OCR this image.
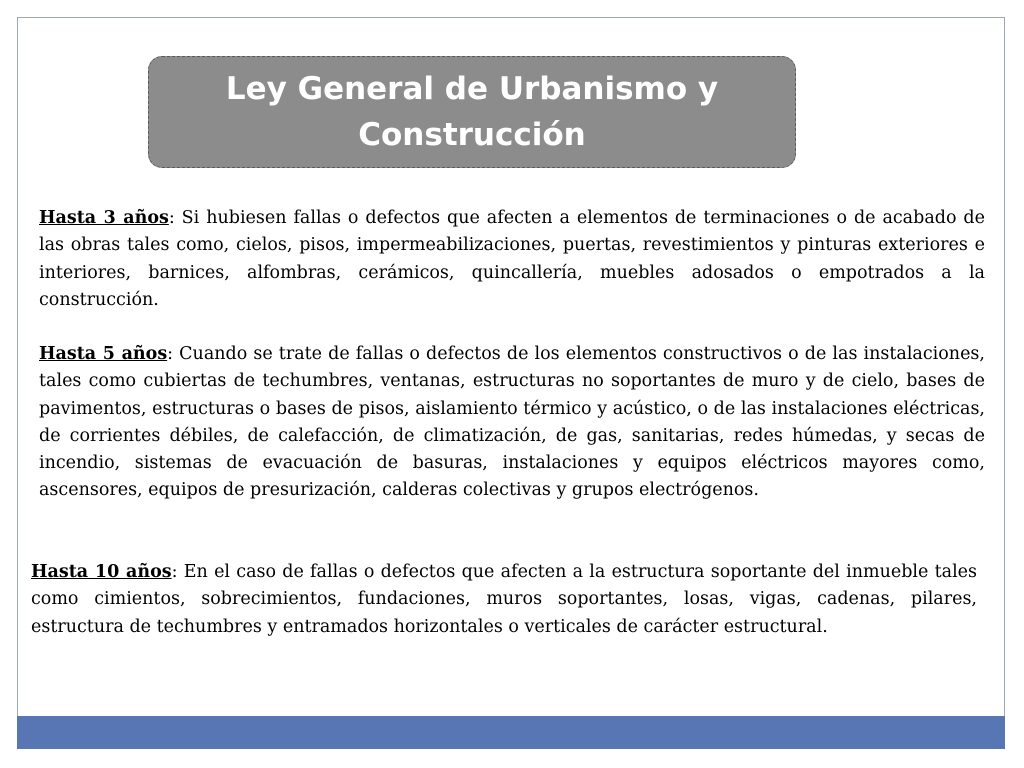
Ley General de Urbanismo y Construcción

Hasta 3 años: Si hubiesen fallas o defectos que afecten a elementos de terminaciones o de acabado de las obras tales como, cielos, pisos, impermeabilizaciones, puertas, revestimientos y pinturas exteriores e interiores, barnices, alfombras, cerámicos, quincallería, muebles adosados o empotrados a la construcción.

Hasta 5 años: Cuando se trate de fallas o defectos de los elementos constructivos o de las instalaciones, tales como cubiertas de techumbres, ventanas, estructuras no soportantes de muro y de cielo, bases de pavimentos, estructuras o bases de pisos, aislamiento térmico y acústico, o de las instalaciones eléctricas, de corrientes débiles, de calefacción, de climatización, de gas, sanitarias, redes húmedas, y secas de incendio, sistemas de evacuación de basuras, instalaciones y equipos eléctricos mayores como, ascensores, equipos de presurización, calderas colectivas y grupos electrógenos.

Hasta 10 años: En el caso de fallas o defectos que afecten a la estructura soportante del inmueble tales como cimientos, sobrecimientos, fundaciones, muros soportantes, losas, vigas, cadenas, pilares, estructura de techumbres y entramados horizontales o verticales de carácter estructural.
